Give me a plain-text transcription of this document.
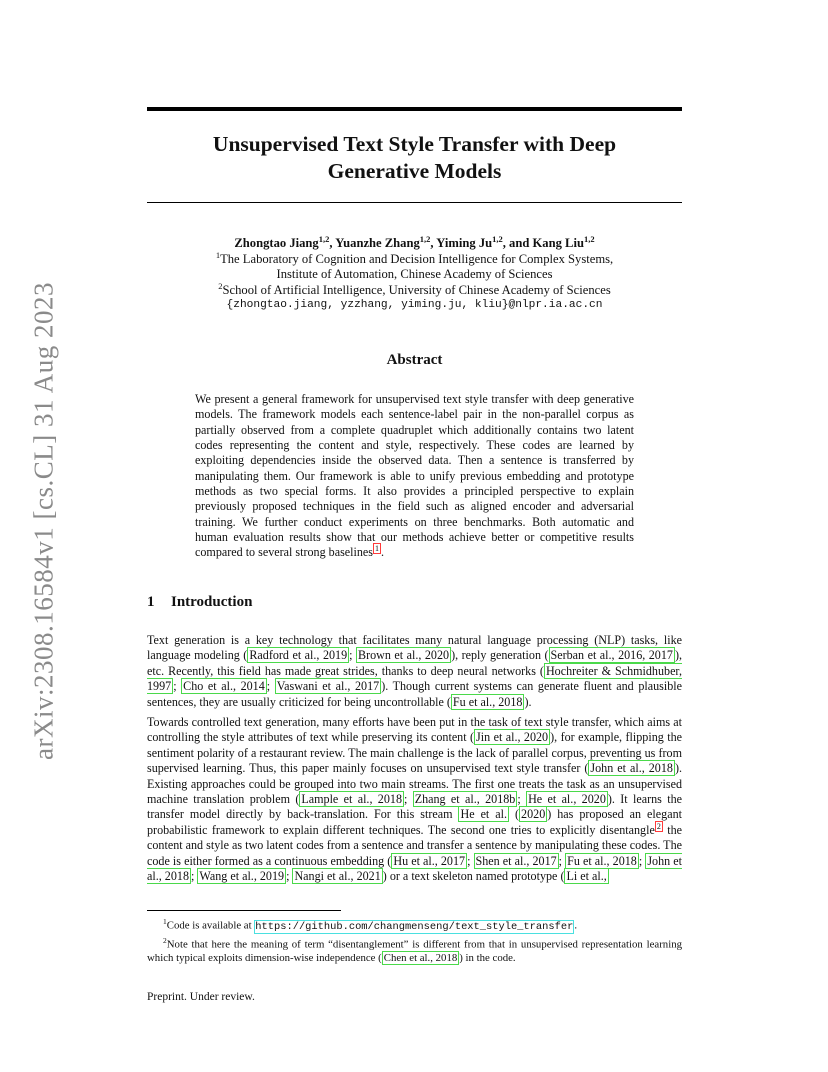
arXiv:2308.16584v1 [cs.CL] 31 Aug 2023
Unsupervised Text Style Transfer with Deep
Generative Models
Zhongtao Jiang$^{1,2}$, Yuanzhe Zhang$^{1,2}$, Yiming Ju$^{1,2}$, and Kang Liu$^{1,2}$
$^1$The Laboratory of Cognition and Decision Intelligence for Complex Systems,
Institute of Automation, Chinese Academy of Sciences
$^2$School of Artificial Intelligence, University of Chinese Academy of Sciences
{zhongtao.jiang, yzzhang, yiming.ju, kliu}@nlpr.ia.ac.cn
Abstract

We present a general framework for unsupervised text style transfer with deep generative models. The framework models each sentence-label pair in the non-parallel corpus as partially observed from a complete quadruplet which additionally contains two latent codes representing the content and style, respectively. These codes are learned by exploiting dependencies inside the observed data. Then a sentence is transferred by manipulating them. Our framework is able to unify previous embedding and prototype methods as two special forms. It also provides a principled perspective to explain previously proposed techniques in the field such as aligned encoder and adversarial training. We further conduct experiments on three benchmarks. Both automatic and human evaluation results show that our methods achieve better or competitive results compared to several strong baselines $^1$ .

1 Introduction

Text generation is a key technology that facilitates many natural language processing (NLP) tasks, like language modeling ( Radford et al., 2019 ; Brown et al., 2020 ), reply generation ( Serban et al., 2016, 2017 ), etc. Recently, this field has made great strides, thanks to deep neural networks ( Hochreiter & Schmidhuber, 1997 ; Cho et al., 2014 ; Vaswani et al., 2017 ). Though current systems can generate fluent and plausible sentences, they are usually criticized for being uncontrollable ( Fu et al., 2018 ).

Towards controlled text generation, many efforts have been put in the task of text style transfer, which aims at controlling the style attributes of text while preserving its content ( Jin et al., 2020 ), for example, flipping the sentiment polarity of a restaurant review. The main challenge is the lack of parallel corpus, preventing us from supervised learning. Thus, this paper mainly focuses on unsupervised text style transfer ( John et al., 2018 ). Existing approaches could be grouped into two main streams. The first one treats the task as an unsupervised machine translation problem ( Lample et al., 2018 ; Zhang et al., 2018b ; He et al., 2020 ). It learns the transfer model directly by back-translation. For this stream He et al. ( 2020 ) has proposed an elegant probabilistic framework to explain different techniques. The second one tries to explicitly disentangle $^2$ the content and style as two latent codes from a sentence and transfer a sentence by manipulating these codes. The code is either formed as a continuous embedding ( Hu et al., 2017 ; Shen et al., 2017 ; Fu et al., 2018 ; John et al., 2018 ; Wang et al., 2019 ; Nangi et al., 2021 ) or a text skeleton named prototype ( Li et al.,

$^1$Code is available at https://github.com/changmenseng/text_style_transfer.

$^2$Note that here the meaning of term “disentanglement” is different from that in unsupervised representation learning which typical exploits dimension-wise independence ( Chen et al., 2018 ) in the code.

Preprint. Under review.
